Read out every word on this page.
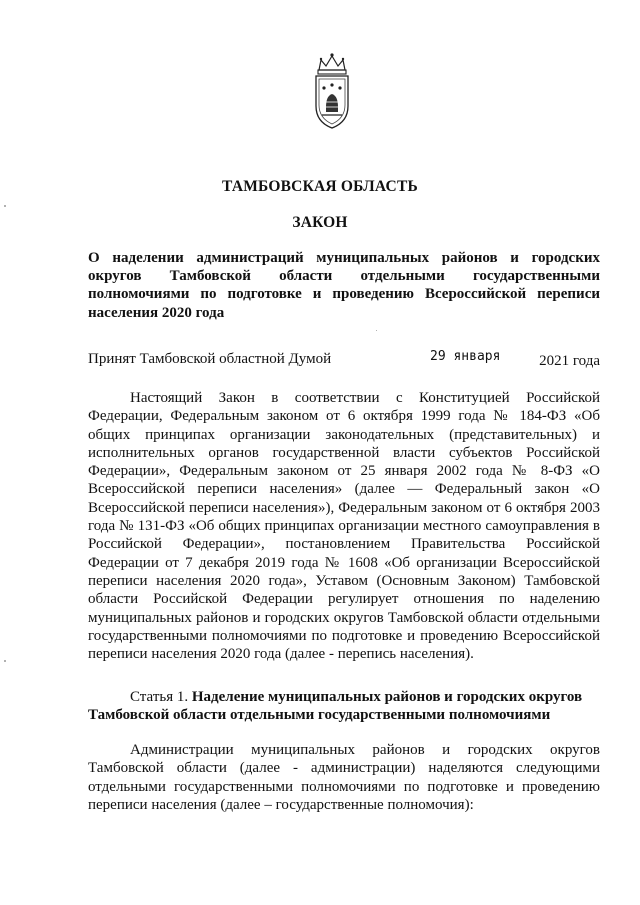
ТАМБОВСКАЯ ОБЛАСТЬ
ЗАКОН
О наделении администраций муниципальных районов и городских округов Тамбовской области отдельными государственными полномочиями по подготовке и проведению Всероссийской переписи населения 2020 года
Принят Тамбовской областной Думой	29 января	2021 года

Настоящий Закон в соответствии с Конституцией Российской Федерации, Федеральным законом от 6 октября 1999 года № 184-ФЗ «Об общих принципах организации законодательных (представительных) и исполнительных органов государственной власти субъектов Российской Федерации», Федеральным законом от 25 января 2002 года № 8-ФЗ «О Всероссийской переписи населения» (далее — Федеральный закон «О Всероссийской переписи населения»), Федеральным законом от 6 октября 2003 года № 131-ФЗ «Об общих принципах организации местного самоуправления в Российской Федерации», постановлением Правительства Российской Федерации от 7 декабря 2019 года № 1608 «Об организации Всероссийской переписи населения 2020 года», Уставом (Основным Законом) Тамбовской области Российской Федерации регулирует отношения по наделению муниципальных районов и городских округов Тамбовской области отдельными государственными полномочиями по подготовке и проведению Всероссийской переписи населения 2020 года (далее - перепись населения).

Статья 1. Наделение муниципальных районов и городских округов Тамбовской области отдельными государственными полномочиями

Администрации муниципальных районов и городских округов Тамбовской области (далее - администрации) наделяются следующими отдельными государственными полномочиями по подготовке и проведению переписи населения (далее – государственные полномочия):
